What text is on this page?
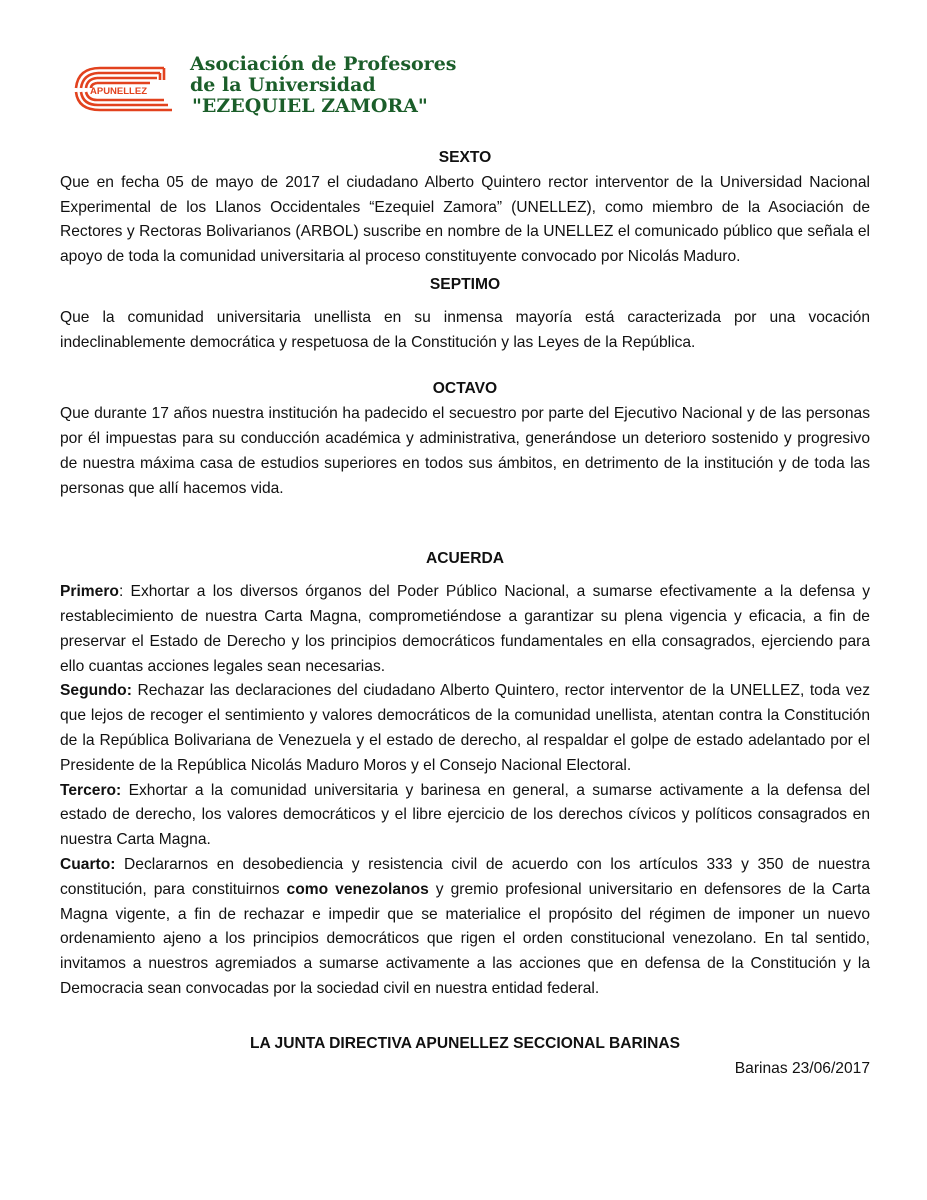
APUNELLEZ
Asociación de Profesores
de la Universidad
"EZEQUIEL ZAMORA"
SEXTO

Que en fecha 05 de mayo de 2017 el ciudadano Alberto Quintero rector interventor de la Universidad Nacional Experimental de los Llanos Occidentales “Ezequiel Zamora” (UNELLEZ), como miembro de la Asociación de Rectores y Rectoras Bolivarianos (ARBOL) suscribe en nombre de la UNELLEZ el comunicado público que señala el apoyo de toda la comunidad universitaria al proceso constituyente convocado por Nicolás Maduro.

SEPTIMO

Que la comunidad universitaria unellista en su inmensa mayoría está caracterizada por una vocación indeclinablemente democrática y respetuosa de la Constitución y las Leyes de la República.

OCTAVO

Que durante 17 años nuestra institución ha padecido el secuestro por parte del Ejecutivo Nacional y de las personas por él impuestas para su conducción académica y administrativa, generándose un deterioro sostenido y progresivo de nuestra máxima casa de estudios superiores en todos sus ámbitos, en detrimento de la institución y de toda las personas que allí hacemos vida.

ACUERDA

Primero: Exhortar a los diversos órganos del Poder Público Nacional, a sumarse efectivamente a la defensa y restablecimiento de nuestra Carta Magna, comprometiéndose a garantizar su plena vigencia y eficacia, a fin de preservar el Estado de Derecho y los principios democráticos fundamentales en ella consagrados, ejerciendo para ello cuantas acciones legales sean necesarias.

Segundo: Rechazar las declaraciones del ciudadano Alberto Quintero, rector interventor de la UNELLEZ, toda vez que lejos de recoger el sentimiento y valores democráticos de la comunidad unellista, atentan contra la Constitución de la República Bolivariana de Venezuela y el estado de derecho, al respaldar el golpe de estado adelantado por el Presidente de la República Nicolás Maduro Moros y el Consejo Nacional Electoral.

Tercero: Exhortar a la comunidad universitaria y barinesa en general, a sumarse activamente a la defensa del estado de derecho, los valores democráticos y el libre ejercicio de los derechos cívicos y políticos consagrados en nuestra Carta Magna.

Cuarto: Declararnos en desobediencia y resistencia civil de acuerdo con los artículos 333 y 350 de nuestra constitución, para constituirnos como venezolanos y gremio profesional universitario en defensores de la Carta Magna vigente, a fin de rechazar e impedir que se materialice el propósito del régimen de imponer un nuevo ordenamiento ajeno a los principios democráticos que rigen el orden constitucional venezolano. En tal sentido, invitamos a nuestros agremiados a sumarse activamente a las acciones que en defensa de la Constitución y la Democracia sean convocadas por la sociedad civil en nuestra entidad federal.

LA JUNTA DIRECTIVA APUNELLEZ SECCIONAL BARINAS
Barinas 23/06/2017
